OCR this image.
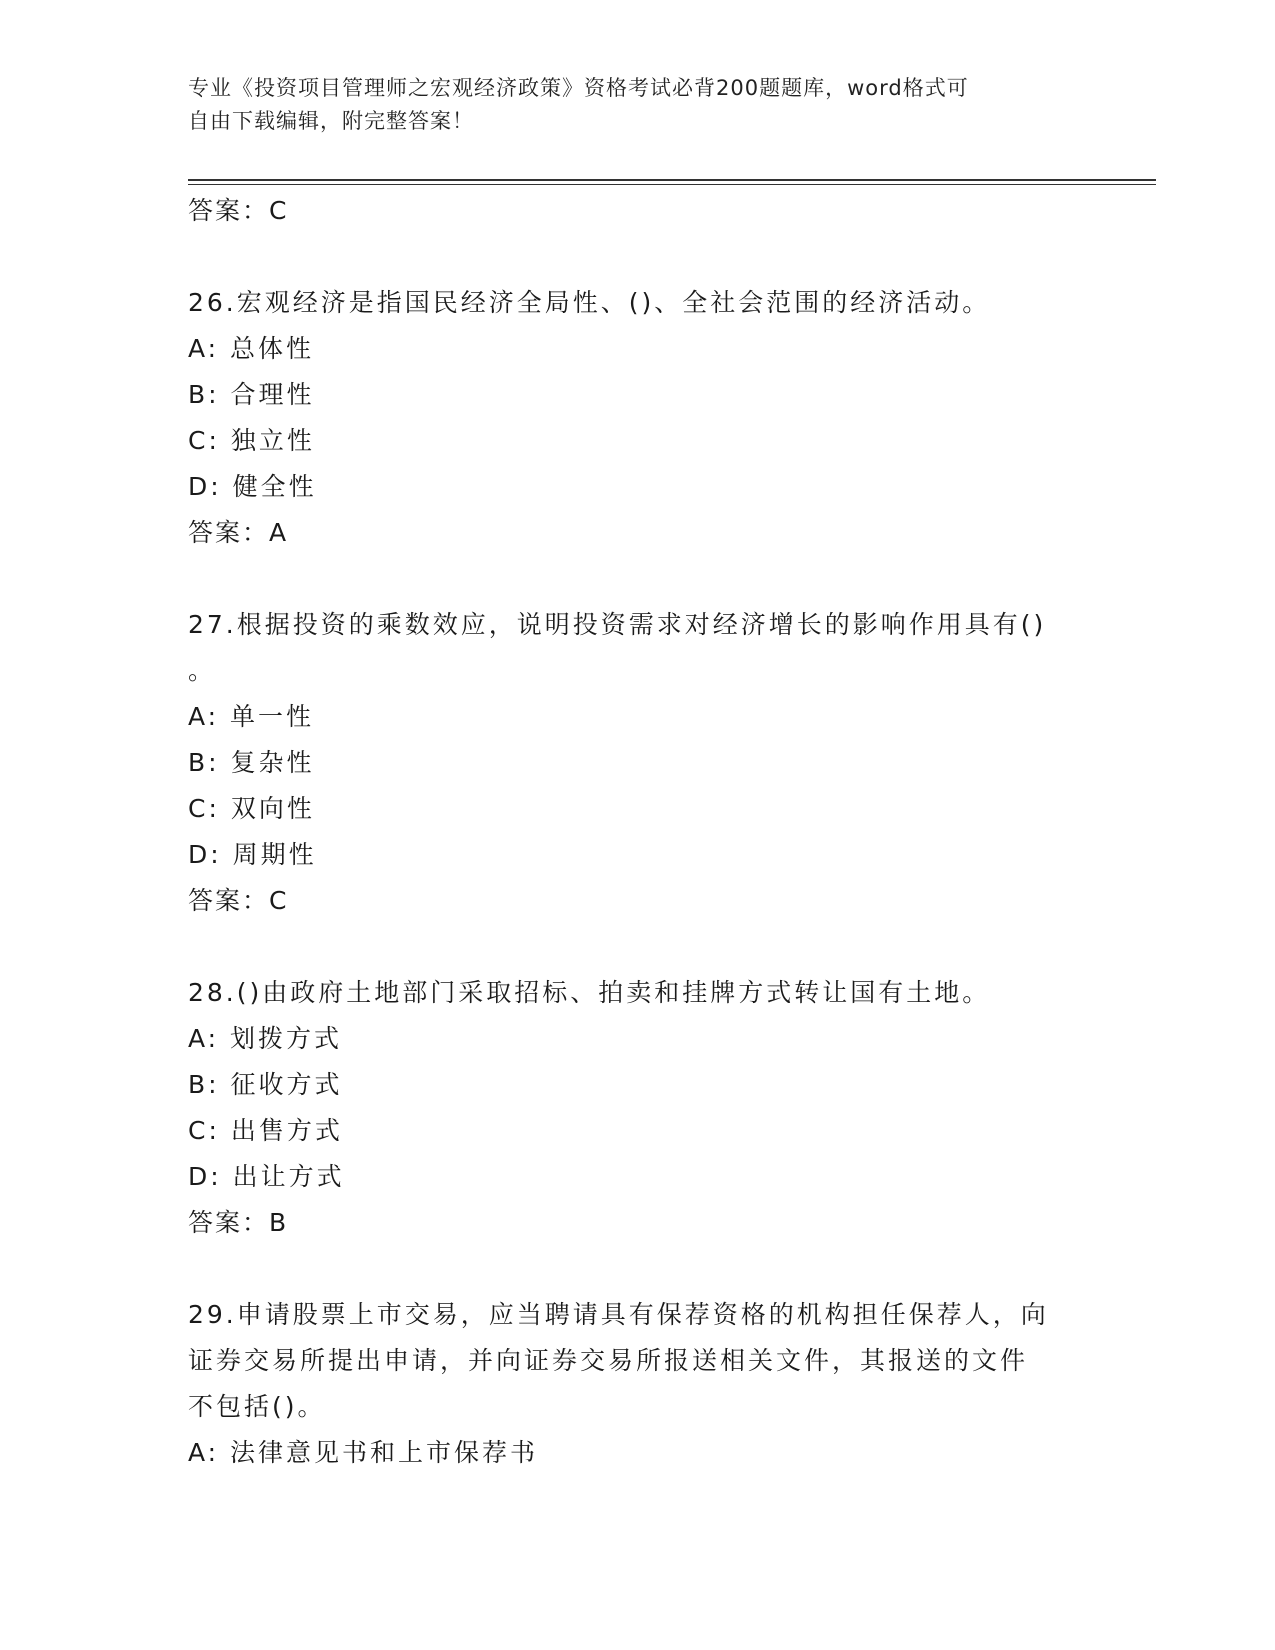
专业《投资项目管理师之宏观经济政策》资格考试必背200题题库，word格式可
自由下载编辑，附完整答案！
答案：C
26.宏观经济是指国民经济全局性、()、全社会范围的经济活动。
A: 总体性
B: 合理性
C: 独立性
D: 健全性
答案：A
27.根据投资的乘数效应，说明投资需求对经济增长的影响作用具有()
。
A: 单一性
B: 复杂性
C: 双向性
D: 周期性
答案：C
28.()由政府土地部门采取招标、拍卖和挂牌方式转让国有土地。
A: 划拨方式
B: 征收方式
C: 出售方式
D: 出让方式
答案：B
29.申请股票上市交易，应当聘请具有保荐资格的机构担任保荐人，向
证券交易所提出申请，并向证券交易所报送相关文件，其报送的文件
不包括()。
A: 法律意见书和上市保荐书
